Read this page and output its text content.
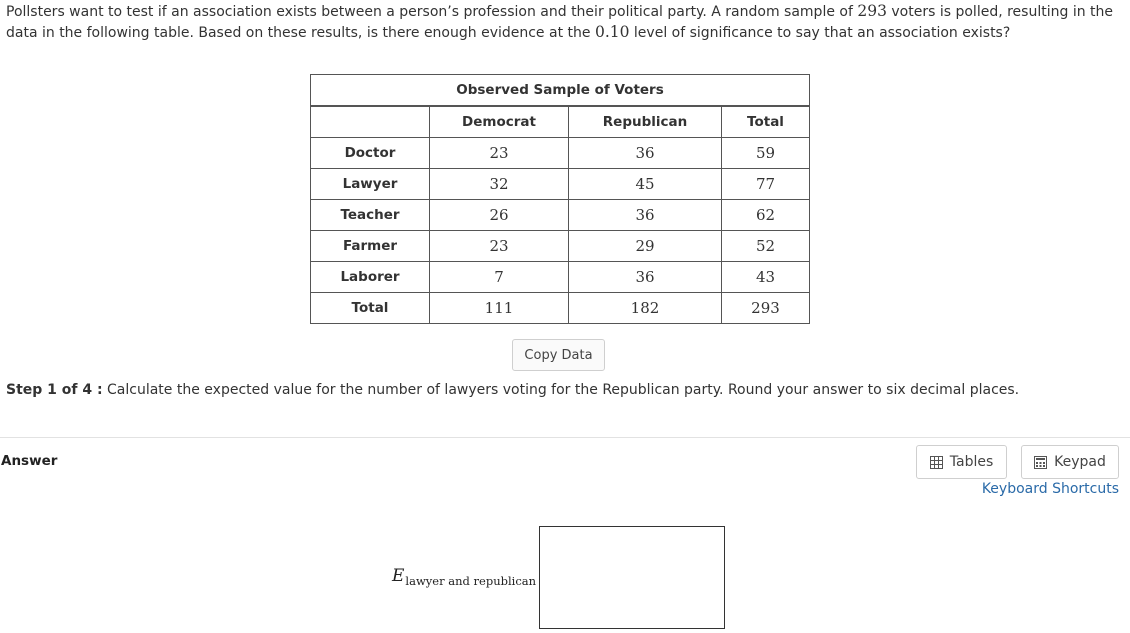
Pollsters want to test if an association exists between a person’s profession and their political party. A random sample of 293 voters is polled, resulting in the data in the following table. Based on these results, is there enough evidence at the 0.10 level of significance to say that an association exists?
Observed Sample of Voters			
	Democrat	Republican	Total
Doctor	23	36	59
Lawyer	32	45	77
Teacher	26	36	62
Farmer	23	29	52
Laborer	7	36	43
Total	111	182	293
Copy Data
Step 1 of 4 : Calculate the expected value for the number of lawyers voting for the Republican party. Round your answer to six decimal places.
Answer	Tables	Keypad
Keyboard Shortcuts
E lawyer and republican
